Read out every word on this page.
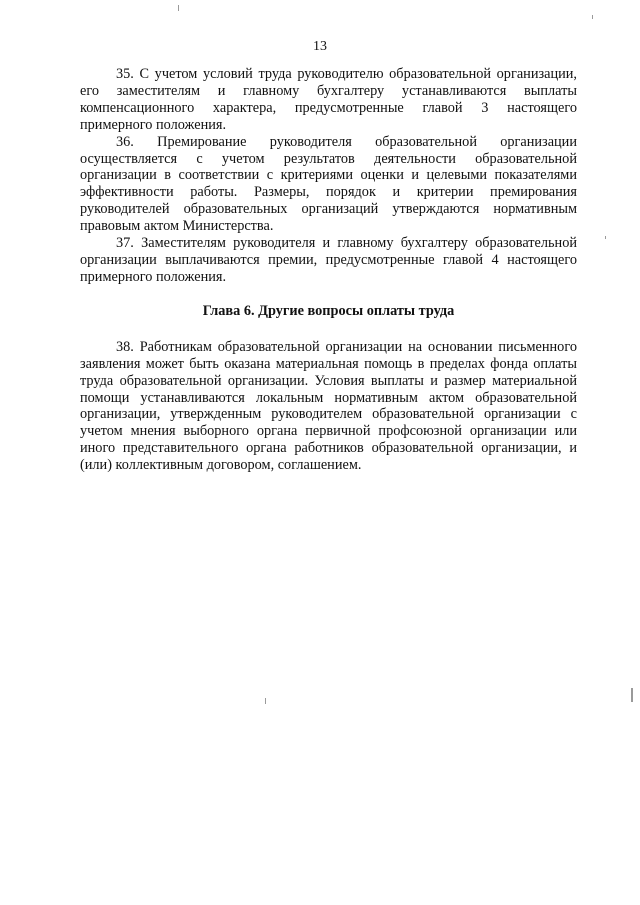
13

35. С учетом условий труда руководителю образовательной организации, его заместителям и главному бухгалтеру устанавливаются выплаты компенсационного характера, предусмотренные главой 3 настоящего примерного положения.

36. Премирование руководителя образовательной организации осуществляется с учетом результатов деятельности образовательной организации в соответствии с критериями оценки и целевыми показателями эффективности работы. Размеры, порядок и критерии премирования руководителей образовательных организаций утверждаются нормативным правовым актом Министерства.

37. Заместителям руководителя и главному бухгалтеру образовательной организации выплачиваются премии, предусмотренные главой 4 настоящего примерного положения.

Глава 6. Другие вопросы оплаты труда

38. Работникам образовательной организации на основании письменного заявления может быть оказана материальная помощь в пределах фонда оплаты труда образовательной организации. Условия выплаты и размер материальной помощи устанавливаются локальным нормативным актом образовательной организации, утвержденным руководителем образовательной организации с учетом мнения выборного органа первичной профсоюзной организации или иного представительного органа работников образовательной организации, и (или) коллективным договором, соглашением.
